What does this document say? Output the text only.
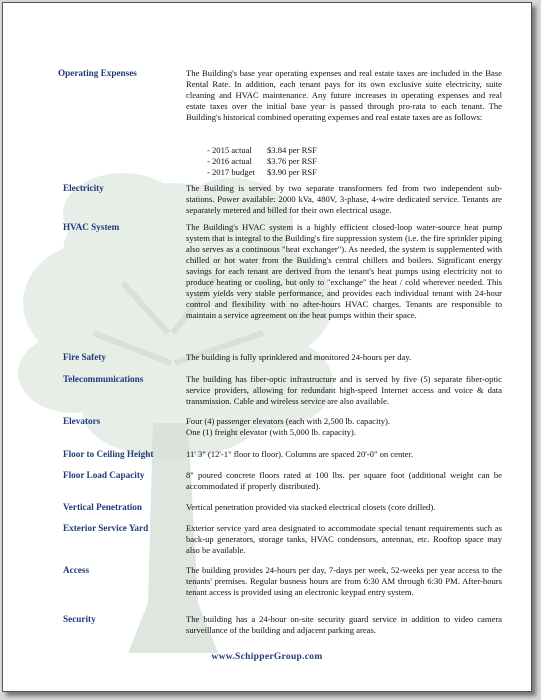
Operating Expenses	The Building's base year operating expenses and real estate taxes are included in the Base Rental Rate. In addition, each tenant pays for its own exclusive suite electricity, suite cleaning and HVAC maintenance. Any future increases in operating expenses and real estate taxes over the initial base year is passed through pro-rata to each tenant. The Building's historical combined operating expenses and real estate taxes are as follows:
- 2015 actual $3.84 per RSF
- 2016 actual $3.76 per RSF
- 2017 budget $3.90 per RSF
Electricity	The Building is served by two separate transformers fed from two independent sub-stations. Power available: 2000 kVa, 480V, 3-phase, 4-wire dedicated service. Tenants are separately metered and billed for their own electrical usage.
HVAC System	The Building's HVAC system is a highly efficient closed-loop water-source heat pump system that is integral to the Building's fire suppression system (i.e. the fire sprinkler piping also serves as a continuous "heat exchanger"). As needed, the system is supplemented with chilled or hot water from the Building's central chillers and boilers. Significant energy savings for each tenant are derived from the tenant's heat pumps using electricity not to produce heating or cooling, but only to "exchange" the heat / cold wherever needed. This system yields very stable performance, and provides each individual tenant with 24-hour control and flexibility with no after-hours HVAC charges. Tenants are responsible to maintain a service agreement on the heat pumps within their space.
Fire Safety	The building is fully sprinklered and monitored 24-hours per day.
Telecommunications	The building has fiber-optic infrastructure and is served by five (5) separate fiber-optic service providers, allowing for redundant high-speed Internet access and voice & data transmission. Cable and wireless service are also available.
Elevators	Four (4) passenger elevators (each with 2,500 lb. capacity).
One (1) freight elevator (with 5,000 lb. capacity).
Floor to Ceiling Height	11' 3" (12'-1" floor to floor). Columns are spaced 20'-0" on center.
Floor Load Capacity	8" poured concrete floors rated at 100 lbs. per square foot (additional weight can be accommodated if properly distributed).
Vertical Penetration	Vertical penetration provided via stacked electrical closets (core drilled).
Exterior Service Yard	Exterior service yard area designated to accommodate special tenant requirements such as back-up generators, storage tanks, HVAC condensors, antennas, etc. Rooftop space may also be available.
Access	The building provides 24-hours per day, 7-days per week, 52-weeks per year access to the tenants' premises. Regular busness hours are from 6:30 AM through 6:30 PM. After-hours tenant access is provided using an electronic keypad entry system.
Security	The building has a 24-hour on-site security guard service in addition to video camera surveillance of the building and adjacent parking areas.
www.SchipperGroup.com
